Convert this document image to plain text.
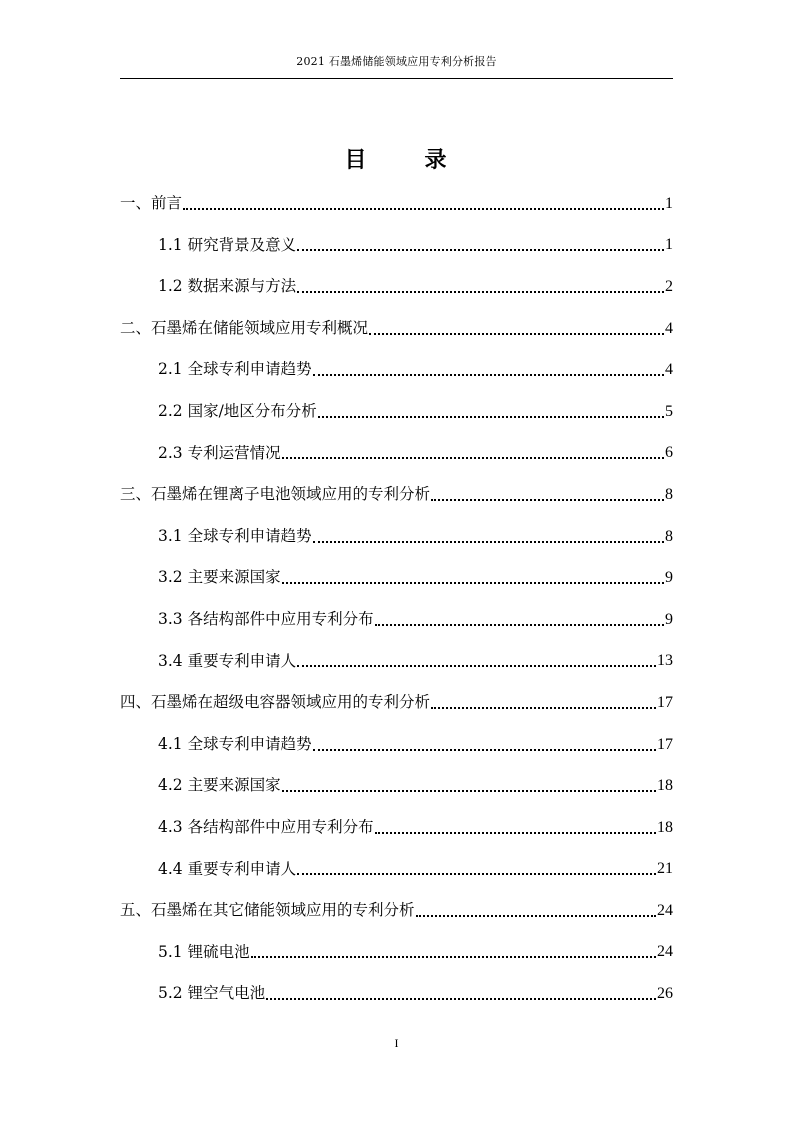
2021 石墨烯储能领域应用专利分析报告
目	录
一、前言	1
1.1 研究背景及意义	1
1.2 数据来源与方法	2
二、石墨烯在储能领域应用专利概况	4
2.1 全球专利申请趋势	4
2.2 国家/地区分布分析	5
2.3 专利运营情况	6
三、石墨烯在锂离子电池领域应用的专利分析	8
3.1 全球专利申请趋势	8
3.2 主要来源国家	9
3.3 各结构部件中应用专利分布	9
3.4 重要专利申请人	13
四、石墨烯在超级电容器领域应用的专利分析	17
4.1 全球专利申请趋势	17
4.2 主要来源国家	18
4.3 各结构部件中应用专利分布	18
4.4 重要专利申请人	21
五、石墨烯在其它储能领域应用的专利分析	24
5.1 锂硫电池	24
5.2 锂空气电池	26
I
